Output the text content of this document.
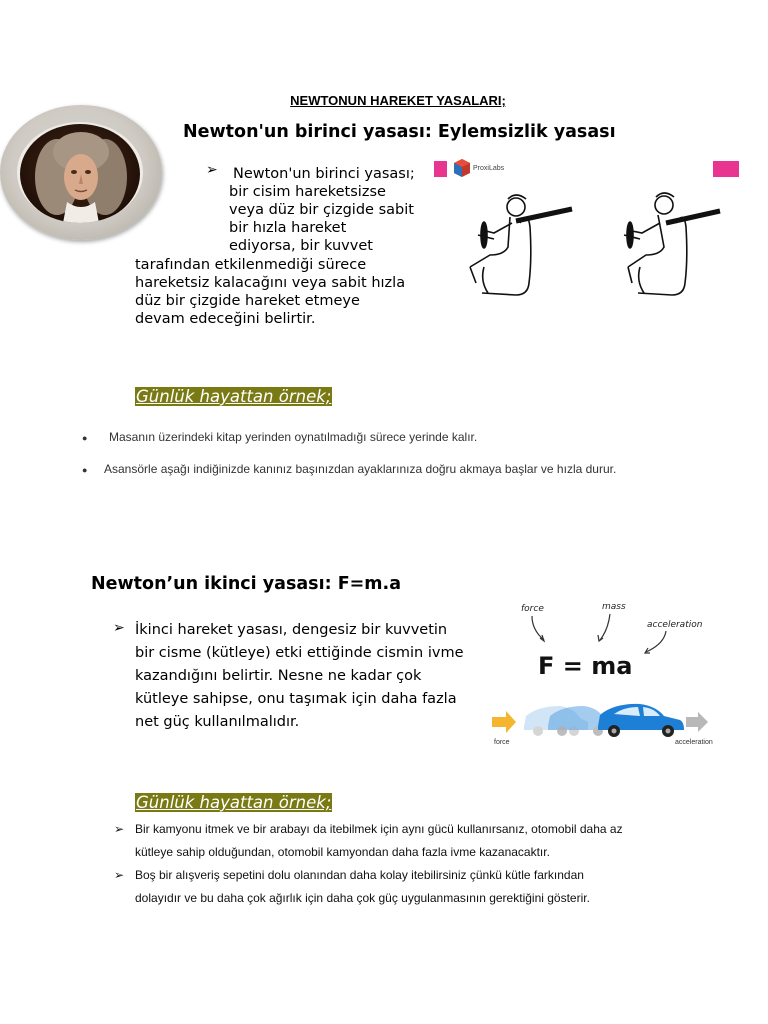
NEWTONUN HAREKET YASALARI;
Newton'un birinci yasası: Eylemsizlik yasası
➢ Newton'un birinci yasası;
bir cisim hareketsizse
veya düz bir çizgide sabit
bir hızla hareket
ediyorsa, bir kuvvet
tarafından etkilenmediği sürece
hareketsiz kalacağını veya sabit hızla
düz bir çizgide hareket etmeye
devam edeceğini belirtir.
ProxiLabs
Günlük hayattan örnek;
● Masanın üzerindeki kitap yerinden oynatılmadığı sürece yerinde kalır.
● Asansörle aşağı indiğinizde kanınız başınızdan ayaklarınıza doğru akmaya başlar ve hızla durur.
Newton’un ikinci yasası: F=m.a
➢ İkinci hareket yasası, dengesiz bir kuvvetin
bir cisme (kütleye) etki ettiğinde cismin ivme
kazandığını belirtir. Nesne ne kadar çok
kütleye sahipse, onu taşımak için daha fazla
net güç kullanılmalıdır.
force	mass
acceleration
F = ma
force	acceleration
Günlük hayattan örnek;
➢ Bir kamyonu itmek ve bir arabayı da itebilmek için aynı gücü kullanırsanız, otomobil daha az
kütleye sahip olduğundan, otomobil kamyondan daha fazla ivme kazanacaktır.
➢ Boş bir alışveriş sepetini dolu olanından daha kolay itebilirsiniz çünkü kütle farkından
dolayıdır ve bu daha çok ağırlık için daha çok güç uygulanmasının gerektiğini gösterir.
